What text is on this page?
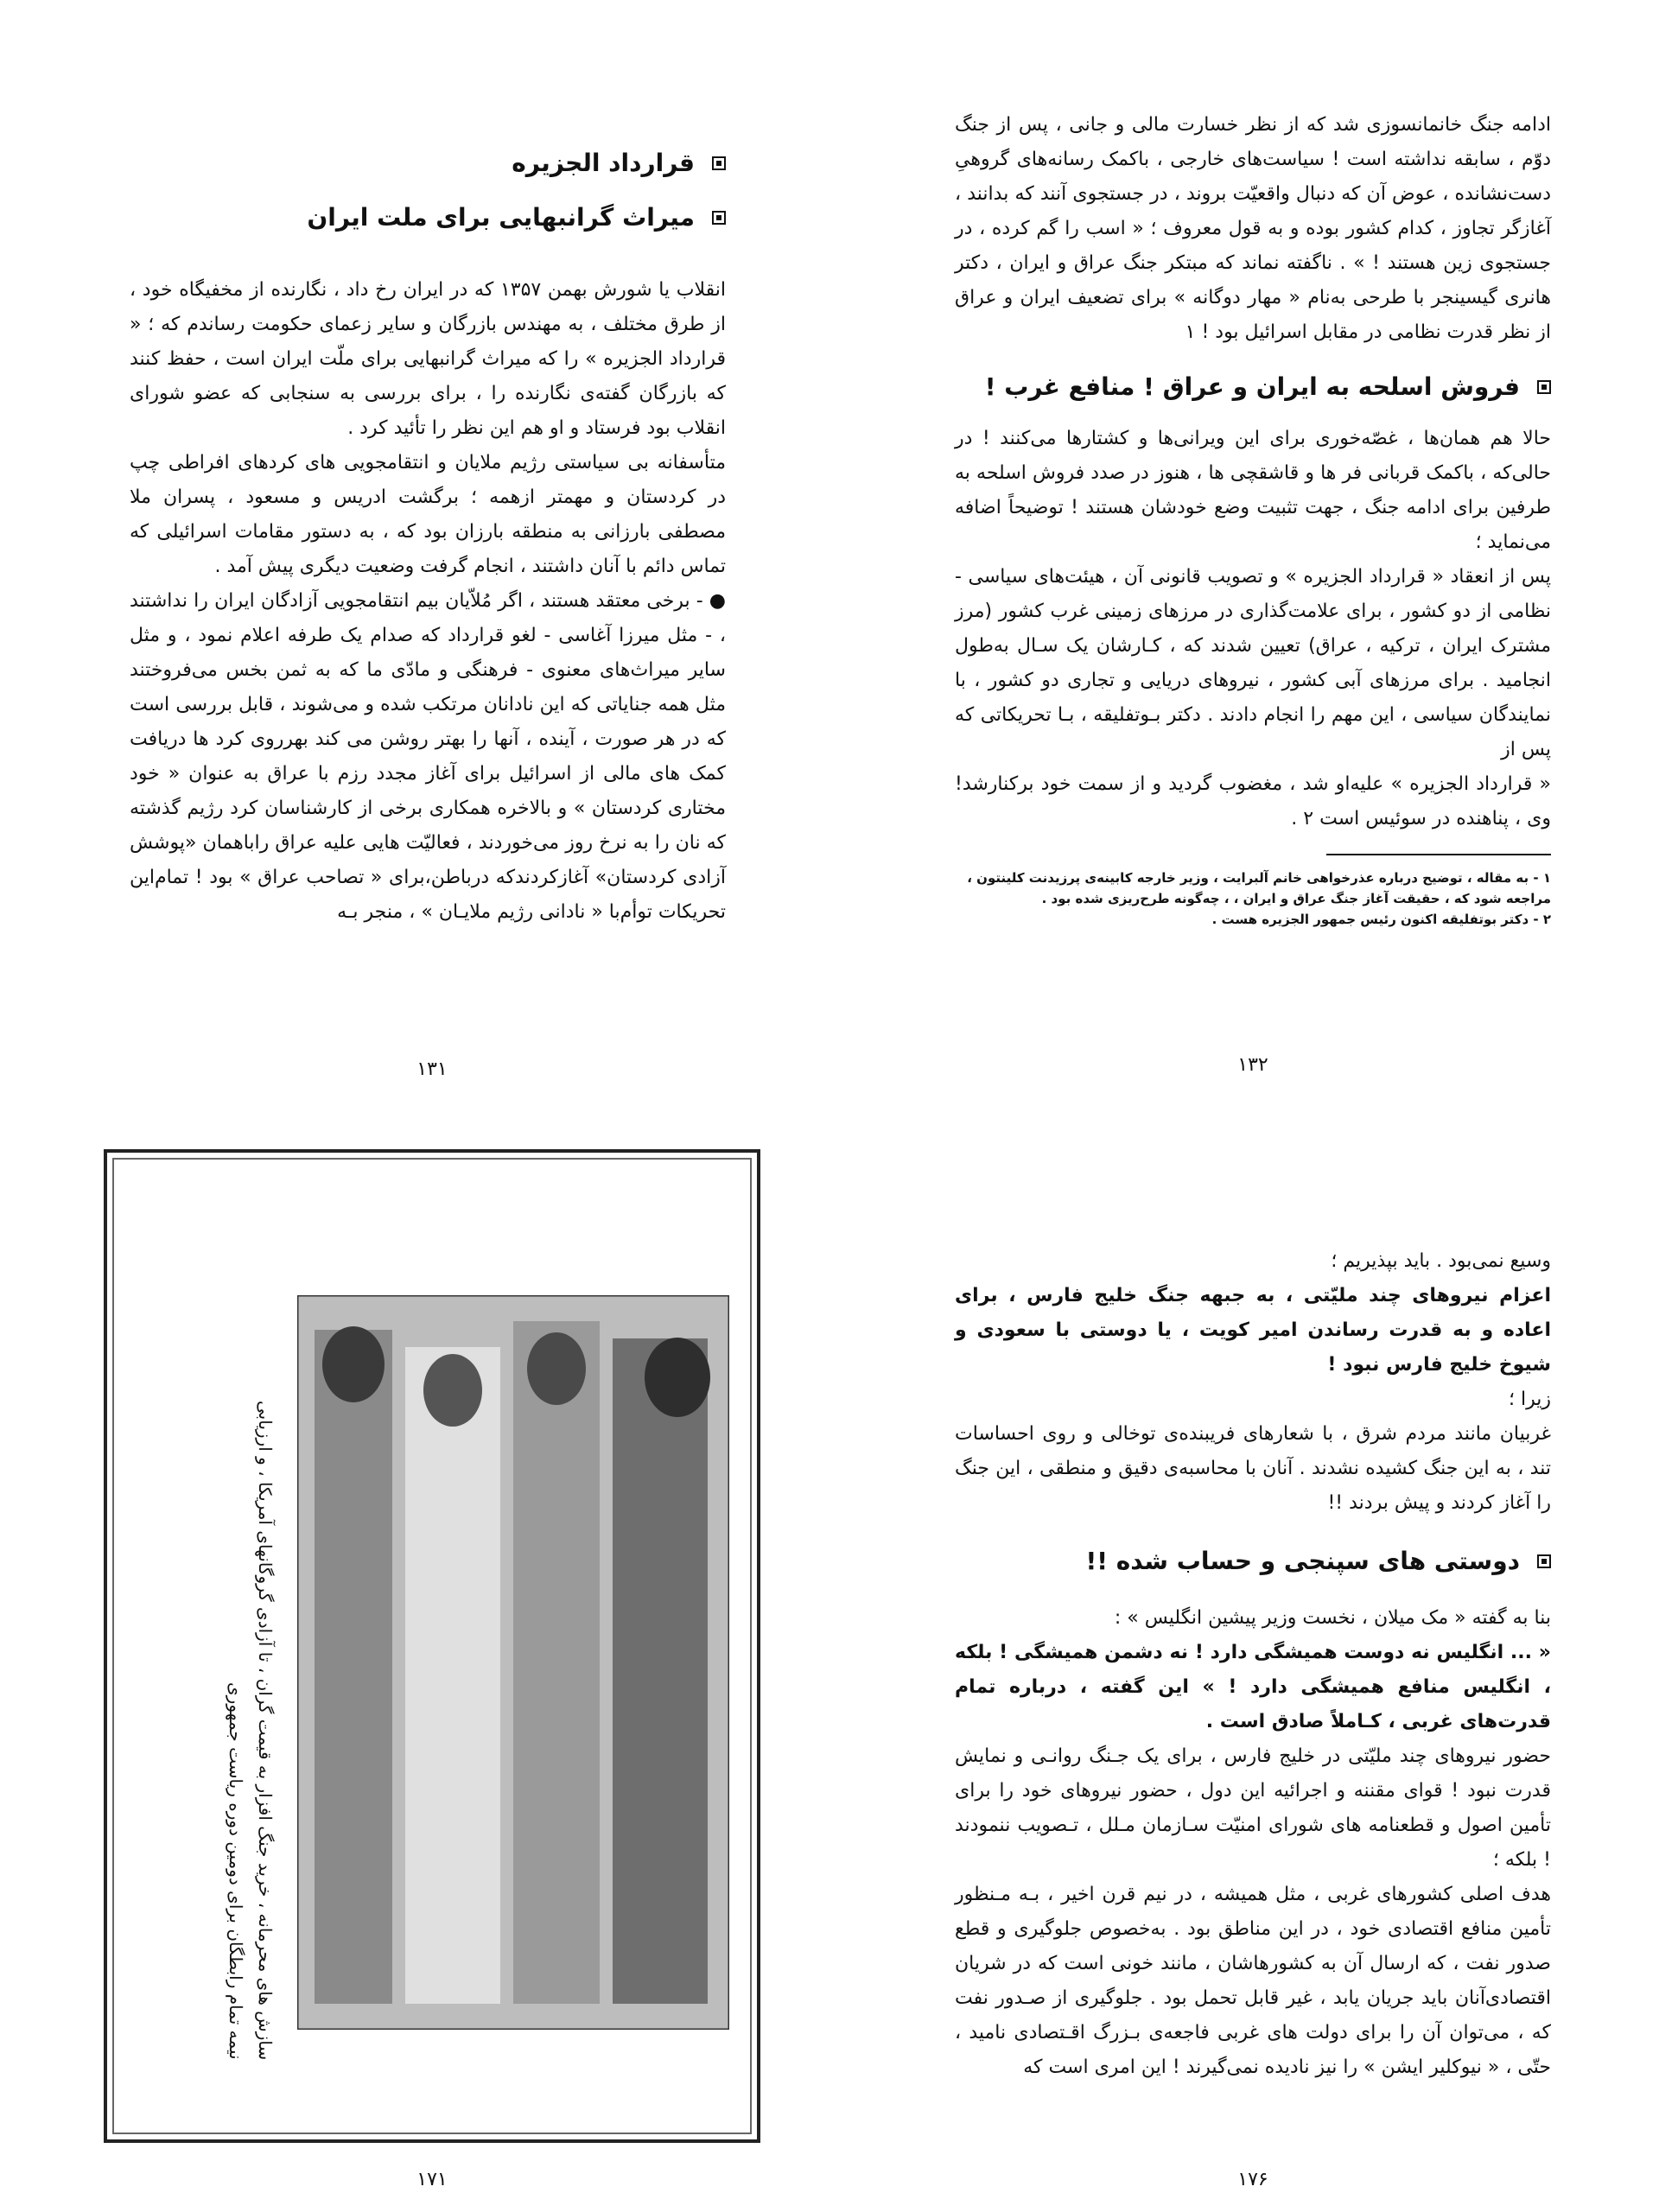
قرارداد الجزیره
میراث گرانبهایی برای ملت ایران

انقلاب یا شورش بهمن ۱۳۵۷ که در ایران رخ داد ، نگارنده از مخفیگاه خود ، از طرق مختلف ، به مهندس بازرگان و سایر زعمای حکومت رساندم که ؛ « قرارداد الجزیره » را که میراث گرانبهایی برای ملّت ایران است ، حفظ کنند که بازرگان گفته‌ی نگارنده را ، برای بررسی به سنجابی که عضو شورای انقلاب بود فرستاد و او هم این نظر را تأئید کرد .

متأسفانه بی سیاستی رژیم ملایان و انتقامجویی های کردهای افراطی چپ در کردستان و مهمتر ازهمه ؛ برگشت ادریس و مسعود ، پسران ملا مصطفی بارزانی به منطقه بارزان بود که ، به دستور مقامات اسرائیلی که تماس دائم با آنان داشتند ، انجام گرفت وضعیت دیگری پیش آمد .

● - برخی معتقد هستند ، اگر مُلاّیان بیم انتقامجویی آزادگان ایران را نداشتند ، - مثل میرزا آغاسی - لغو قرارداد که صدام یک طرفه اعلام نمود ، و مثل سایر میراث‌های معنوی - فرهنگی و مادّی ما که به ثمن بخس می‌فروختند مثل همه جنایاتی که این نادانان مرتکب شده و می‌شوند ، قابل بررسی است که در هر صورت ، آینده ، آنها را بهتر روشن می کند بهرروی کرد ها دریافت کمک های مالی از اسرائیل برای آغاز مجدد رزم با عراق به عنوان « خود مختاری کردستان » و بالاخره همکاری برخی از کارشناسان کرد رژیم گذشته که نان را به نرخ روز می‌خوردند ، فعالیّت هایی علیه عراق راباهمان «پوشش آزادی کردستان» آغازکردندکه درباطن،برای « تصاحب عراق » بود ! تمام‌این تحریکات توأم‌با « نادانی رژیم ملایـان » ، منجر بـه

۱۳۱

ادامه جنگ خانمانسوزی شد که از نظر خسارت مالی و جانی ، پس از جنگ دوّم ، سابقه نداشته است ! سیاست‌های خارجی ، باکمک رسانه‌های گروهیِ دست‌نشانده ، عوض آن که دنبال واقعیّت بروند ، در جستجوی آنند که بدانند ، آغازگر تجاوز ، کدام کشور بوده و به قول معروف ؛ « اسب را گم کرده ، در جستجوی زین هستند ! » . ناگفته نماند که مبتکر جنگ عراق و ایران ، دکتر هانری گیسینجر با طرحی به‌نام « مهار دوگانه » برای تضعیف ایران و عراق از نظر قدرت نظامی در مقابل اسرائیل بود ! ۱

فروش اسلحه به ایران و عراق ! منافع غرب !

حالا هم همان‌ها ، غصّه‌خوری برای این ویرانی‌ها و کشتارها می‌کنند ! در حالی‌که ، باکمک قربانی فر ها و قاشقچی ها ، هنوز در صدد فروش اسلحه به طرفین برای ادامه جنگ ، جهت تثبیت وضع خودشان هستند ! توضیحاً اضافه می‌نماید ؛

پس از انعقاد « قرارداد الجزیره » و تصویب قانونی آن ، هیئت‌های سیاسی - نظامی از دو کشور ، برای علامت‌گذاری در مرزهای زمینی غرب کشور (مرز مشترک ایران ، ترکیه ، عراق) تعیین شدند که ، کـارشان یک سـال به‌طول انجامید . برای مرزهای آبی کشور ، نیروهای دریایی و تجاری دو کشور ، با نمایندگان سیاسی ، این مهم را انجام دادند . دکتر بـوتفلیقه ، بـا تحریکاتی که پس از

« قرارداد الجزیره » علیه‌او شد ، مغضوب گردید و از سمت خود برکنارشد! وی ، پناهنده در سوئیس است ۲ .

۱ - به مقاله ، توضیح درباره عذرخواهی خانم آلبرایت ، وزیر خارجه کابینه‌ی پرزیدنت کلینتون ، مراجعه شود که ، حقیقت آغاز جنگ عراق و ایران ، ، چه‌گونه طرح‌ریزی شده بود .

۲ - دکتر بوتفلیقه اکنون رئیس جمهور الجزیره هست .

۱۳۲
سازش های محرمانه ، خرید جنگ افزار به قیمت گران ، تا آزادی گروگانهای آمریکا ، و ارزیابی
نیمه تمام رابطگان برای دومین دوره ریاست جمهوری
۱۷۱

وسیع نمی‌بود . باید بپذیریم ؛

اعزام نیروهای چند ملیّتی ، به جبهه جنگ خلیج فارس ، برای اعاده و به قدرت رساندن امیر کویت ، یا دوستی با سعودی و شیوخ خلیج فارس نبود !

زیرا ؛

غربیان مانند مردم شرق ، با شعارهای فریبنده‌ی توخالی و روی احساسات تند ، به این جنگ کشیده نشدند . آنان با محاسبه‌ی دقیق و منطقی ، این جنگ را آغاز کردند و پیش بردند !!

دوستی های سپنجی و حساب شده !!

بنا به گفته « مک میلان ، نخست وزیر پیشین انگلیس » :

« ... انگلیس نه دوست همیشگی دارد ! نه دشمن همیشگی ! بلکه ، انگلیس منافع همیشگی دارد ! » این گفته ، درباره تمام قدرت‌های غربی ، کـاملاً صادق است .

حضور نیروهای چند ملیّتی در خلیج فارس ، برای یک جـنگ روانـی و نمایش قدرت نبود ! قوای مقننه و اجرائیه این دول ، حضور نیروهای خود را برای تأمین اصول و قطعنامه های شورای امنیّت سـازمان مـلل ، تـصویب ننمودند ! بلکه ؛

هدف اصلی کشورهای غربی ، مثل همیشه ، در نیم قرن اخیر ، بـه مـنظور تأمین منافع اقتصادی خود ، در این مناطق بود . به‌خصوص جلوگیری و قطع صدور نفت ، که ارسال آن به کشورهاشان ، مانند خونی است که در شریان اقتصادی‌آنان باید جریان یابد ، غیر قابل تحمل بود . جلوگیری از صـدور نفت که ، می‌توان آن را برای دولت های غربی فاجعه‌ی بـزرگ اقـتصادی نامید ، حتّی ، « نیوکلیر ایشن » را نیز نادیده نمی‌گیرند ! این امری است که

۱۷۶
